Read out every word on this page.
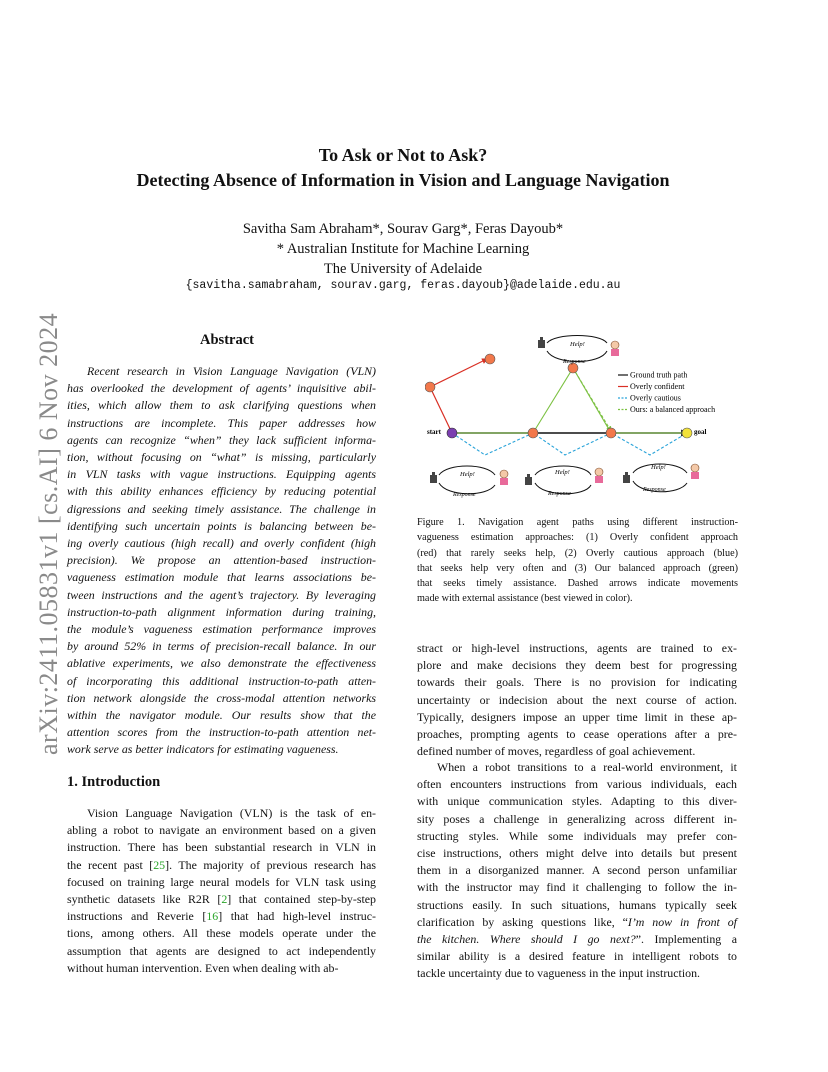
arXiv:2411.05831v1 [cs.AI] 6 Nov 2024
To Ask or Not to Ask?
Detecting Absence of Information in Vision and Language Navigation
Savitha Sam Abraham*, Sourav Garg*, Feras Dayoub*
* Australian Institute for Machine Learning
The University of Adelaide
{savitha.samabraham, sourav.garg, feras.dayoub}@adelaide.edu.au
Abstract
Recent research in Vision Language Navigation (VLN)
has overlooked the development of agents’ inquisitive abil-
ities, which allow them to ask clarifying questions when
instructions are incomplete. This paper addresses how
agents can recognize “when” they lack sufficient informa-
tion, without focusing on “what” is missing, particularly
in VLN tasks with vague instructions. Equipping agents
with this ability enhances efficiency by reducing potential
digressions and seeking timely assistance. The challenge in
identifying such uncertain points is balancing between be-
ing overly cautious (high recall) and overly confident (high
precision). We propose an attention-based instruction-
vagueness estimation module that learns associations be-
tween instructions and the agent’s trajectory. By leveraging
instruction-to-path alignment information during training,
the module’s vagueness estimation performance improves
by around 52% in terms of precision-recall balance. In our
ablative experiments, we also demonstrate the effectiveness
of incorporating this additional instruction-to-path atten-
tion network alongside the cross-modal attention networks
within the navigator module. Our results show that the
attention scores from the instruction-to-path attention net-
work serve as better indicators for estimating vagueness.
1. Introduction
Vision Language Navigation (VLN) is the task of en-
abling a robot to navigate an environment based on a given
instruction. There has been substantial research in VLN in
the recent past [25]. The majority of previous research has
focused on training large neural models for VLN task using
synthetic datasets like R2R [2] that contained step-by-step
instructions and Reverie [16] that had high-level instruc-
tions, among others. All these models operate under the
assumption that agents are designed to act independently
without human intervention. Even when dealing with ab-
start	goal
Help!
Response
Help!
Response
Help!
Response
Help!
Response
Ground truth path
Overly confident
Overly cautious
Ours: a balanced approach
Figure 1. Navigation agent paths using different instruction-
vagueness estimation approaches: (1) Overly confident approach
(red) that rarely seeks help, (2) Overly cautious approach (blue)
that seeks help very often and (3) Our balanced approach (green)
that seeks timely assistance. Dashed arrows indicate movements
made with external assistance (best viewed in color).
stract or high-level instructions, agents are trained to ex-
plore and make decisions they deem best for progressing
towards their goals. There is no provision for indicating
uncertainty or indecision about the next course of action.
Typically, designers impose an upper time limit in these ap-
proaches, prompting agents to cease operations after a pre-
defined number of moves, regardless of goal achievement.
When a robot transitions to a real-world environment, it
often encounters instructions from various individuals, each
with unique communication styles. Adapting to this diver-
sity poses a challenge in generalizing across different in-
structing styles. While some individuals may prefer con-
cise instructions, others might delve into details but present
them in a disorganized manner. A second person unfamiliar
with the instructor may find it challenging to follow the in-
structions easily. In such situations, humans typically seek
clarification by asking questions like, “I’m now in front of
the kitchen. Where should I go next?”. Implementing a
similar ability is a desired feature in intelligent robots to
tackle uncertainty due to vagueness in the input instruction.
